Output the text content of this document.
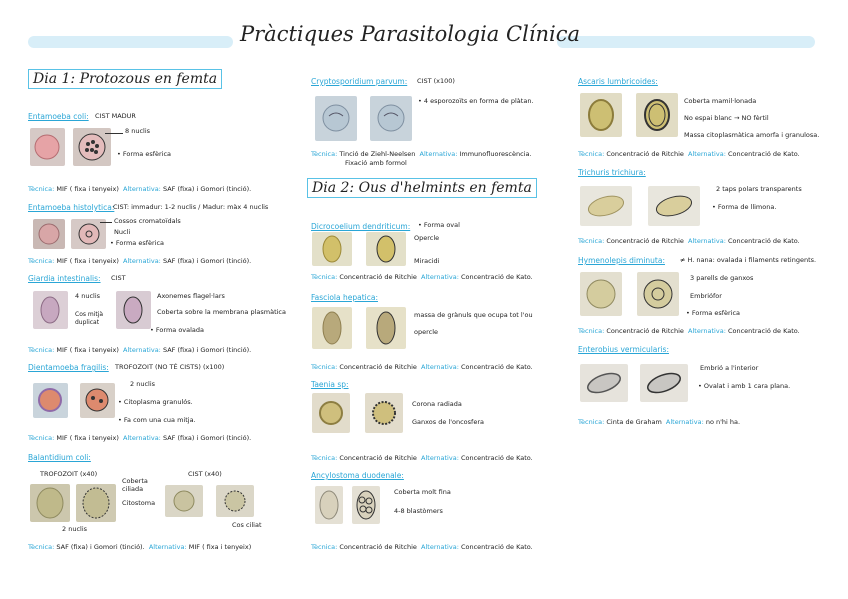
Pràctiques Parasitologia Clínica
Dia 1: Protozous en femta
Entamoeba coli: CIST MADUR
8 nuclis
• Forma esfèrica
Tècnica: MIF ( fixa i tenyeix) Alternativa: SAF (fixa) i Gomori (tinció).
Entamoeba histolytica:
CIST: immadur: 1-2 nuclis / Madur: màx 4 nuclis
Cossos cromatoïdals
Nucli
• Forma esfèrica
Tècnica: MIF ( fixa i tenyeix) Alternativa: SAF (fixa) i Gomori (tinció).
Giardia intestinalis: CIST
4 nuclis	Axonemes flagel·lars
Cos mitjà duplicat
Coberta sobre la membrana plasmàtica
• Forma ovalada
Tècnica: MIF ( fixa i tenyeix) Alternativa: SAF (fixa) i Gomori (tinció).
Dientamoeba fragilis: TROFOZOIT (NO TÉ CISTS) (x100)
2 nuclis
• Citoplasma granulós.
• Fa com una cua mitja.
Tècnica: MIF ( fixa i tenyeix) Alternativa: SAF (fixa) i Gomori (tinció).
Balantidium coli:
TROFOZOIT (x40)	CIST (x40)
Coberta ciliada
Citostoma
2 nuclis	Cos ciliat
Tècnica: SAF (fixa) i Gomori (tinció). Alternativa: MIF ( fixa i tenyeix)
Cryptosporidium parvum: CIST (x100)
• 4 esporozoïts en forma de plàtan.
Tècnica: Tinció de Ziehl-Neelsen Alternativa: Immunofluorescència.
Fixació amb formol
Dia 2: Ous d'helmints en femta
Dicrocoelium dendriticum: • Forma oval
Opercle
Miracidi
Tècnica: Concentració de Ritchie Alternativa: Concentració de Kato.
Fasciola hepatica:
massa de grànuls que ocupa tot l'ou
opercle
Tècnica: Concentració de Ritchie Alternativa: Concentració de Kato.
Taenia sp:
Corona radiada
Ganxos de l'oncosfera
Tècnica: Concentració de Ritchie Alternativa: Concentració de Kato.
Ancylostoma duodenale:
Coberta molt fina
4-8 blastòmers
Tècnica: Concentració de Ritchie Alternativa: Concentració de Kato.
Ascaris lumbricoides:
Coberta mamil·lonada
No espai blanc → NO fèrtil
Massa citoplasmàtica amorfa i granulosa.
Tècnica: Concentració de Ritchie Alternativa: Concentració de Kato.
Trichuris trichiura:
2 taps polars transparents
• Forma de llimona.
Tècnica: Concentració de Ritchie Alternativa: Concentració de Kato.
Hymenolepis diminuta: ≠ H. nana: ovalada i filaments retingents.
3 parells de ganxos
Embriófor
• Forma esfèrica
Tècnica: Concentració de Ritchie Alternativa: Concentració de Kato.
Enterobius vermicularis:
Embrió a l'interior
• Ovalat i amb 1 cara plana.
Tècnica: Cinta de Graham Alternativa: no n'hi ha.
